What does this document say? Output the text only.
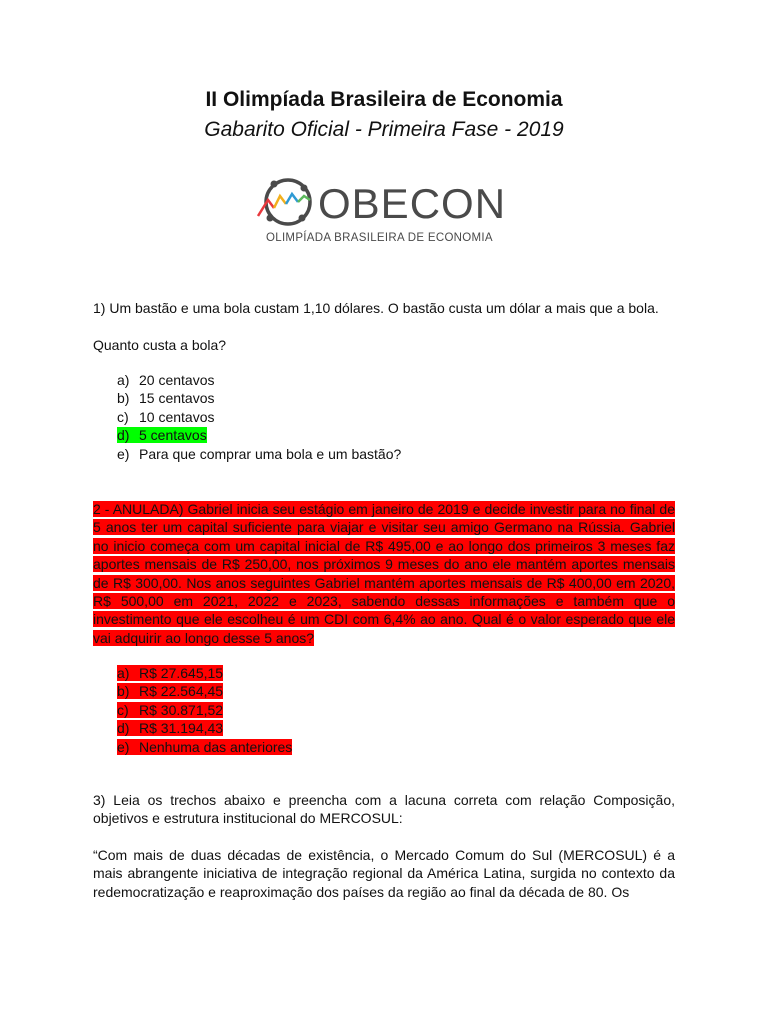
II Olimpíada Brasileira de Economia
Gabarito Oficial - Primeira Fase - 2019
OBECON
OLIMPÍADA BRASILEIRA DE ECONOMIA
1) Um bastão e uma bola custam 1,10 dólares. O bastão custa um dólar a mais que a bola.
Quanto custa a bola?
a) 20 centavos
b) 15 centavos
c) 10 centavos
d) 5 centavos
e) Para que comprar uma bola e um bastão?
2 - ANULADA) Gabriel inicia seu estágio em janeiro de 2019 e decide investir para no final de 5 anos ter um capital suficiente para viajar e visitar seu amigo Germano na Rússia. Gabriel no inicio começa com um capital inicial de R$ 495,00 e ao longo dos primeiros 3 meses faz aportes mensais de R$ 250,00, nos próximos 9 meses do ano ele mantém aportes mensais de R$ 300,00. Nos anos seguintes Gabriel mantém aportes mensais de R$ 400,00 em 2020, R$ 500,00 em 2021, 2022 e 2023, sabendo dessas informações e também que o investimento que ele escolheu é um CDI com 6,4% ao ano. Qual é o valor esperado que ele vai adquirir ao longo desse 5 anos?
a) R$ 27.645,15
b) R$ 22.564,45
c) R$ 30.871,52
d) R$ 31.194,43
e) Nenhuma das anteriores
3) Leia os trechos abaixo e preencha com a lacuna correta com relação Composição, objetivos e estrutura institucional do MERCOSUL:
“Com mais de duas décadas de existência, o Mercado Comum do Sul (MERCOSUL) é a mais abrangente iniciativa de integração regional da América Latina, surgida no contexto da redemocratização e reaproximação dos países da região ao final da década de 80. Os
